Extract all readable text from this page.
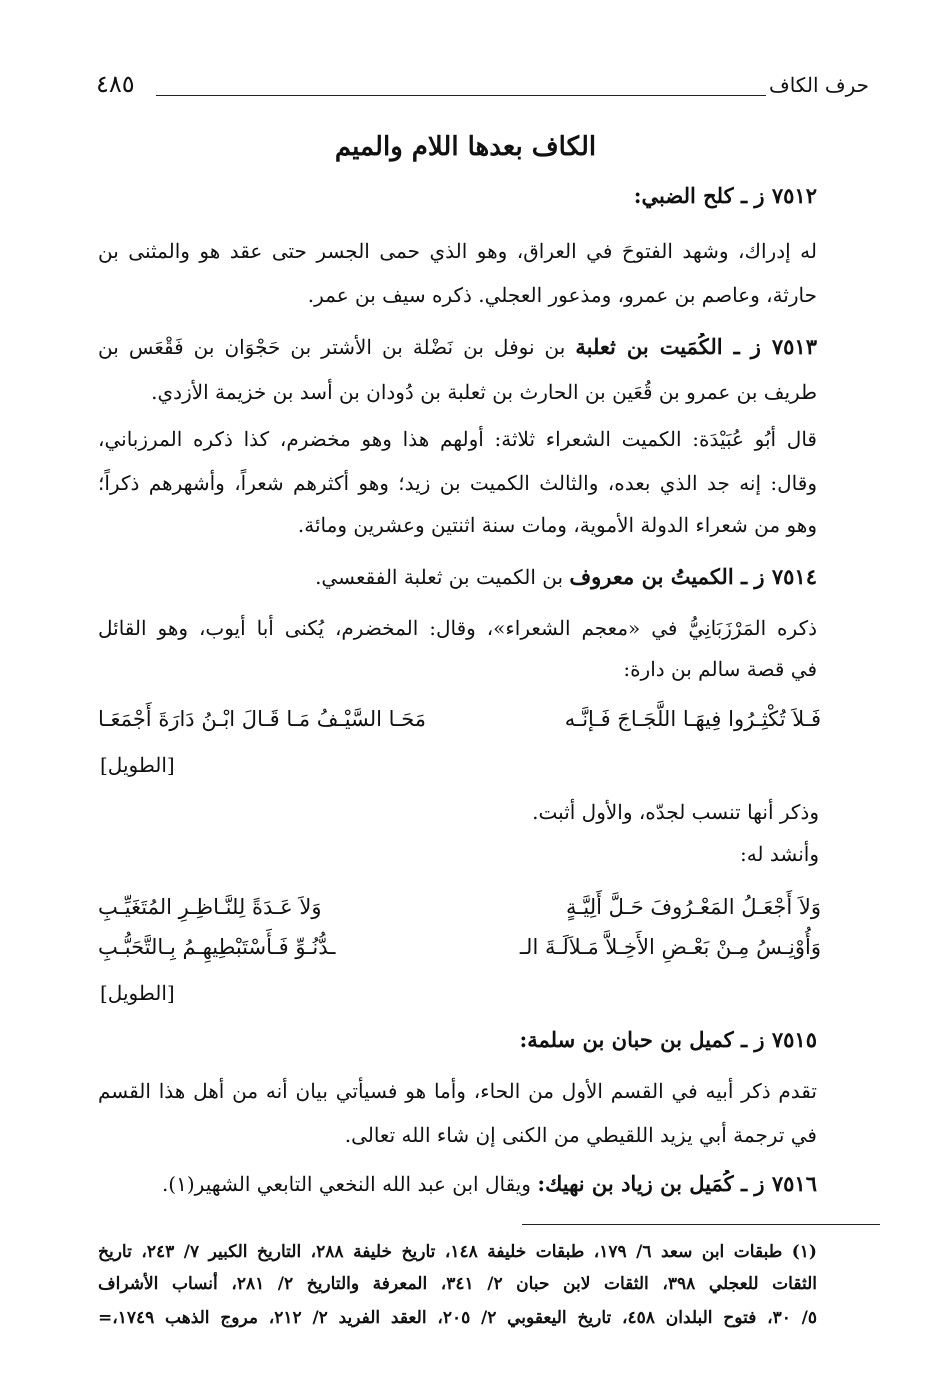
حرف الكاف
٤٨٥
الكاف بعدها اللام والميم
٧٥١٢ ز ـ كلح الضبي:
له إدراك، وشهد الفتوحَ في العراق، وهو الذي حمى الجسر حتى عقد هو والمثنى بن
حارثة، وعاصم بن عمرو، ومذعور العجلي. ذكره سيف بن عمر.
٧٥١٣ ز ـ الكُمَيت بن ثعلبة بن نوفل بن نَضْلة بن الأشتر بن حَجْوَان بن فَقْعَس بن
طريف بن عمرو بن قُعَين بن الحارث بن ثعلبة بن دُودان بن أسد بن خزيمة الأزدي.
قال أَبُو عُبَيْدَة: الكميت الشعراء ثلاثة: أولهم هذا وهو مخضرم، كذا ذكره المرزباني،
وقال: إنه جد الذي بعده، والثالث الكميت بن زيد؛ وهو أكثرهم شعراً، وأشهرهم ذكراً؛
وهو من شعراء الدولة الأموية، ومات سنة اثنتين وعشرين ومائة.
٧٥١٤ ز ـ الكميتُ بن معروف بن الكميت بن ثعلبة الفقعسي.
ذكره المَرْزَبَانِيُّ في «معجم الشعراء»، وقال: المخضرم، يُكنى أبا أيوب، وهو القائل
في قصة سالم بن دارة:
فَـلاَ تُكْثِـرُوا فِيهَـا اللَّجَـاجَ فَـإنَّـه
مَحَـا السَّيْـفُ مَـا قَـالَ ابْـنُ دَارَةَ أَجْمَعَـا
[الطويل]
وذكر أنها تنسب لجدّه، والأول أثبت.
وأنشد له:
وَلاَ أَجْعَـلُ المَعْـرُوفَ حَـلَّ أَلِيَّـةٍ
وَلاَ عَـدَةً لِلنَّـاظِـرِ المُتَغَيِّـبِ
وَأُوْنِـسُ مِـنْ بَعْـضِ الأَخِـلاَّ مَـلاَلَـةَ الـ
ـدُّنُـوِّ فَـأَسْتَبْطِيهِـمُ بِـالتَّحَبُّـبِ
[الطويل]
٧٥١٥ ز ـ كميل بن حبان بن سلمة:
تقدم ذكر أبيه في القسم الأول من الحاء، وأما هو فسيأتي بيان أنه من أهل هذا القسم
في ترجمة أبي يزيد اللقيطي من الكنى إن شاء الله تعالى.
٧٥١٦ ز ـ كُمَيل بن زياد بن نهيك: ويقال ابن عبد الله النخعي التابعي الشهير(١).
(١) طبقات ابن سعد ٦/ ١٧٩، طبقات خليفة ١٤٨، تاريخ خليفة ٢٨٨، التاريخ الكبير ٧/ ٢٤٣، تاريخ
الثقات للعجلي ٣٩٨، الثقات لابن حبان ٢/ ٣٤١، المعرفة والتاريخ ٢/ ٢٨١، أنساب الأشراف
٥/ ٣٠، فتوح البلدان ٤٥٨، تاريخ اليعقوبي ٢/ ٢٠٥، العقد الفريد ٢/ ٢١٢، مروج الذهب ١٧٤٩،=
